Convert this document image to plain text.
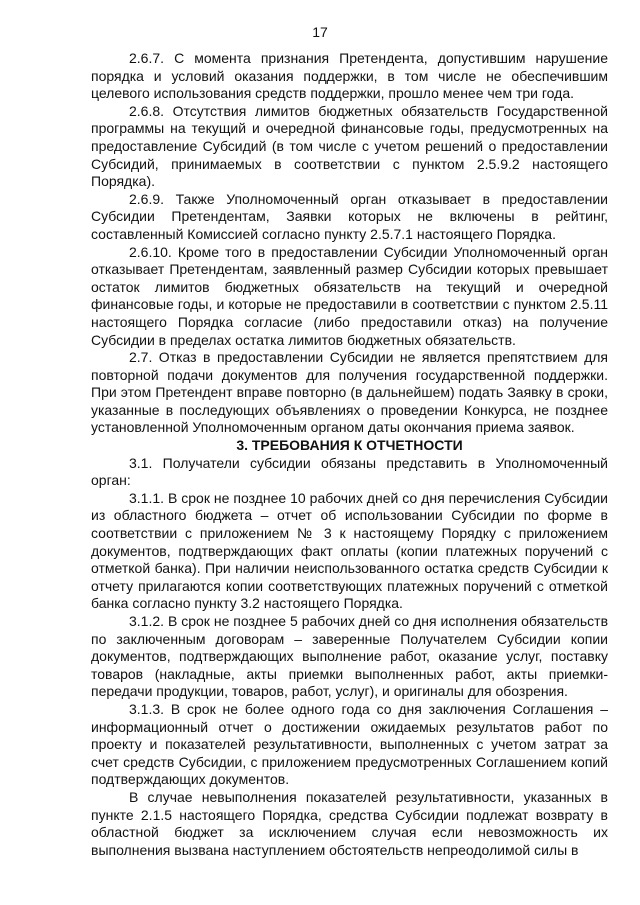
17

2.6.7. С момента признания Претендента, допустившим нарушение порядка и условий оказания поддержки, в том числе не обеспечившим целевого использования средств поддержки, прошло менее чем три года.

2.6.8. Отсутствия лимитов бюджетных обязательств Государственной программы на текущий и очередной финансовые годы, предусмотренных на предоставление Субсидий (в том числе с учетом решений о предоставлении Субсидий, принимаемых в соответствии с пунктом 2.5.9.2 настоящего Порядка).

2.6.9. Также Уполномоченный орган отказывает в предоставлении Субсидии Претендентам, Заявки которых не включены в рейтинг, составленный Комиссией согласно пункту 2.5.7.1 настоящего Порядка.

2.6.10. Кроме того в предоставлении Субсидии Уполномоченный орган отказывает Претендентам, заявленный размер Субсидии которых превышает остаток лимитов бюджетных обязательств на текущий и очередной финансовые годы, и которые не предоставили в соответствии с пунктом 2.5.11 настоящего Порядка согласие (либо предоставили отказ) на получение Субсидии в пределах остатка лимитов бюджетных обязательств.

2.7. Отказ в предоставлении Субсидии не является препятствием для повторной подачи документов для получения государственной поддержки. При этом Претендент вправе повторно (в дальнейшем) подать Заявку в сроки, указанные в последующих объявлениях о проведении Конкурса, не позднее установленной Уполномоченным органом даты окончания приема заявок.

3. ТРЕБОВАНИЯ К ОТЧЕТНОСТИ

3.1. Получатели субсидии обязаны представить в Уполномоченный орган:

3.1.1. В срок не позднее 10 рабочих дней со дня перечисления Субсидии из областного бюджета – отчет об использовании Субсидии по форме в соответствии с приложением № 3 к настоящему Порядку с приложением документов, подтверждающих факт оплаты (копии платежных поручений с отметкой банка). При наличии неиспользованного остатка средств Субсидии к отчету прилагаются копии соответствующих платежных поручений с отметкой банка согласно пункту 3.2 настоящего Порядка.

3.1.2. В срок не позднее 5 рабочих дней со дня исполнения обязательств по заключенным договорам – заверенные Получателем Субсидии копии документов, подтверждающих выполнение работ, оказание услуг, поставку товаров (накладные, акты приемки выполненных работ, акты приемки-передачи продукции, товаров, работ, услуг), и оригиналы для обозрения.

3.1.3. В срок не более одного года со дня заключения Соглашения – информационный отчет о достижении ожидаемых результатов работ по проекту и показателей результативности, выполненных с учетом затрат за счет средств Субсидии, с приложением предусмотренных Соглашением копий подтверждающих документов.

В случае невыполнения показателей результативности, указанных в пункте 2.1.5 настоящего Порядка, средства Субсидии подлежат возврату в областной бюджет за исключением случая если невозможность их выполнения вызвана наступлением обстоятельств непреодолимой силы в
